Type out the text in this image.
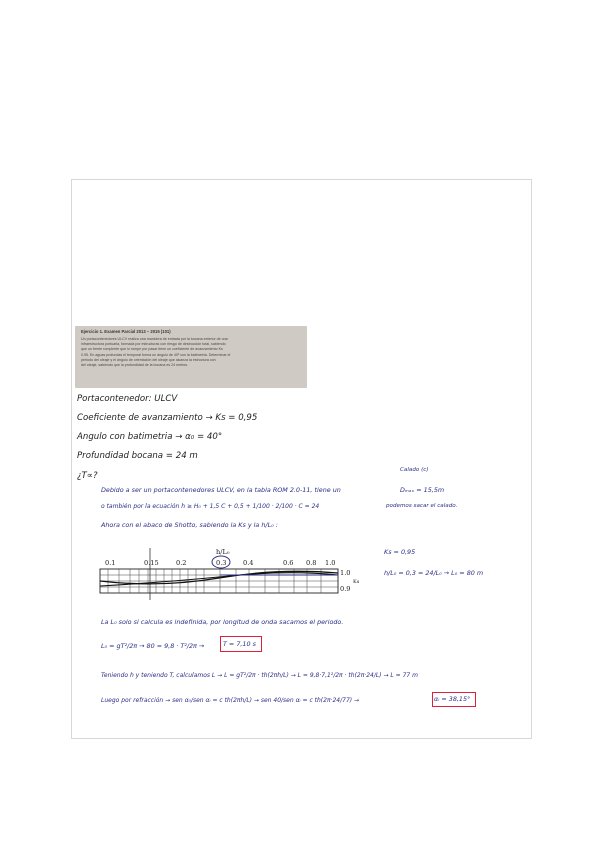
Ejercicio 1. Examen Parcial 2013 – 2015 (101)
Un portacontenedores ULCV realiza una maniobra de entrada por la bocana exterior de una
infraestructura portuaria, formada por estructuras con riesgo de destrucción total, sabiendo
que un frente rompiente que lo rompe por pasar tiene un coeficiente de avanzamiento Ks
0.95. En aguas profundas el temporal forma un ángulo de 40º con la batimetría. Determinar el
periodo del oleaje y el ángulo de orientación del oleaje que alcanza la estructura con
del oleaje, sabiendo que la profundidad de la bocana es 24 metros.
Portacontenedor: ULCV
Coeficiente de avanzamiento → Ks = 0,95
Angulo con batimetria → α₀ = 40°
Profundidad bocana = 24 m
¿T∝?
Calado (c)
Debido a ser un portacontenedores ULCV, en la tabla ROM 2.0-11, tiene un	Dₘₐₓ = 15,5m
o también por la ecuación h ≥ H₀ + 1,5 C + 0,5 + 1/100 · 2/100 · C = 24	podemos sacar el calado.
Ahora con el abaco de Shotto, sabiendo la Ks y la h/L₀ :
h/L₀
0.1	0.15	0.2	0.3	0.4	0.6 0.8 1.0
1.0
0.9
Ks
Ks = 0,95
h/L₀ = 0,3 = 24/L₀ → L₀ = 80 m
La L₀ solo si calcula es indefinida, por longitud de onda sacamos el periodo.
L₀ = gT²/2π → 80 = 9,8 · T²/2π →	T = 7,10 s
Teniendo h y teniendo T, calculamos L → L = gT²/2π · th(2πh/L) → L = 9,8·7,1²/2π · th(2π·24/L) → L = 77 m
Luego por refracción → sen α₀/sen αᵢ = c th(2πh/L) → sen 40/sen αᵢ = c th(2π·24/77) →	αᵢ = 38,15°
